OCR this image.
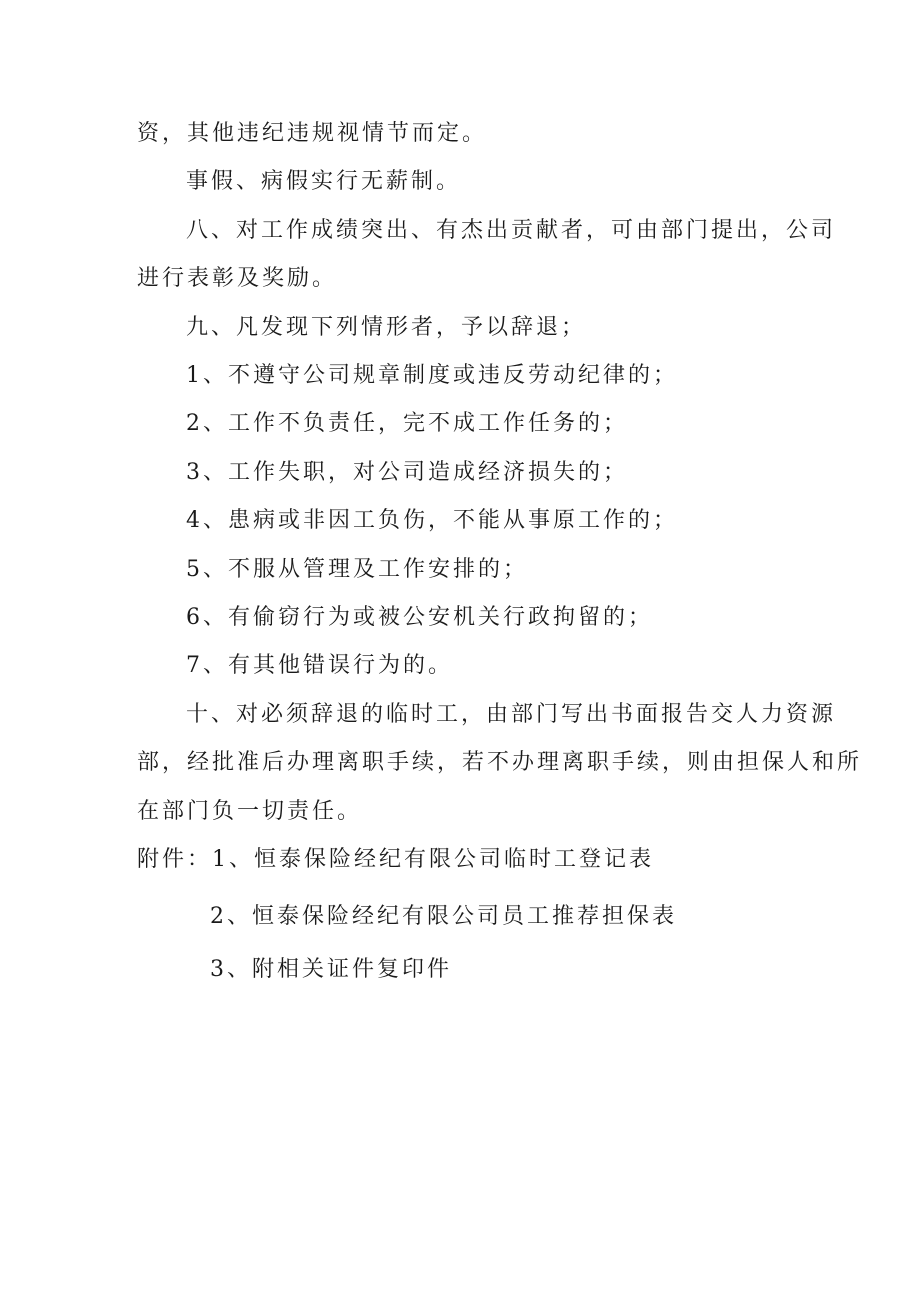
资，其他违纪违规视情节而定。
事假、病假实行无薪制。
八、对工作成绩突出、有杰出贡献者，可由部门提出，公司
进行表彰及奖励。
九、凡发现下列情形者，予以辞退；
1、不遵守公司规章制度或违反劳动纪律的；
2、工作不负责任，完不成工作任务的；
3、工作失职，对公司造成经济损失的；
4、患病或非因工负伤，不能从事原工作的；
5、不服从管理及工作安排的；
6、有偷窃行为或被公安机关行政拘留的；
7、有其他错误行为的。
十、对必须辞退的临时工，由部门写出书面报告交人力资源
部，经批准后办理离职手续，若不办理离职手续，则由担保人和所
在部门负一切责任。
附件：1、恒泰保险经纪有限公司临时工登记表
2、恒泰保险经纪有限公司员工推荐担保表
3、附相关证件复印件
